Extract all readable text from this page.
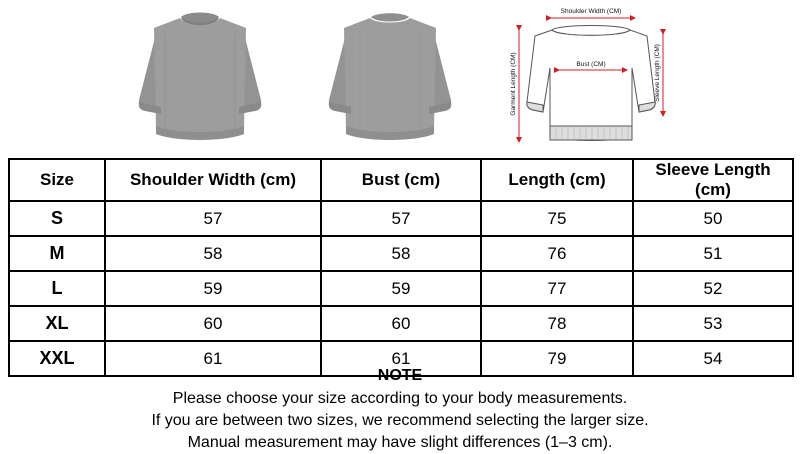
Shoulder Width (CM)
Bust (CM)
Garment Length (CM)	Sleeve Length (CM)
Size	Shoulder Width (cm)	Bust (cm)	Length (cm)	Sleeve Length (cm)
S	57	57	75	50
M	58	58	76	51
L	59	59	77	52
XL	60	60	78	53
XXL	61	61	79	54

NOTE

Please choose your size according to your body measurements.

If you are between two sizes, we recommend selecting the larger size.

Manual measurement may have slight differences (1–3 cm).
